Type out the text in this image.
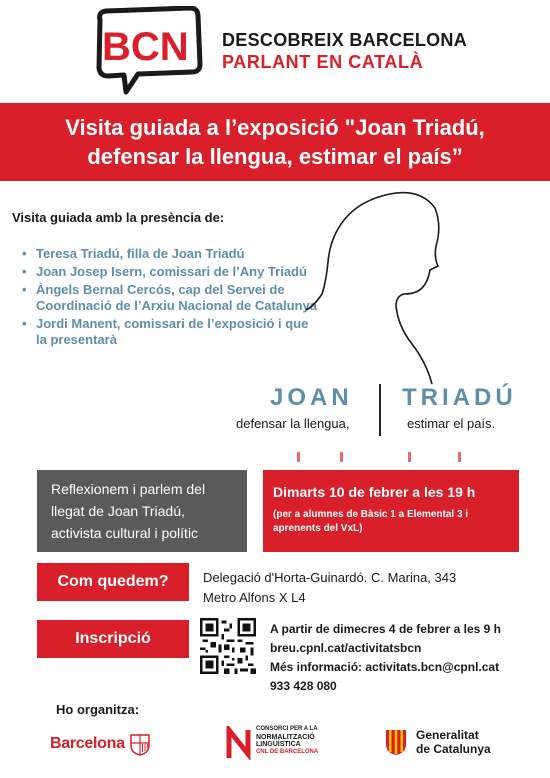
BCN DESCOBREIX BARCELONA
PARLANT EN CATALÀ
Visita guiada a l’exposició "Joan Triadú,
defensar la llengua, estimar el país”
Visita guiada amb la presència de:
• Teresa Triadú, filla de Joan Triadú
• Joan Josep Isern, comissari de l’Any Triadú
• Àngels Bernal Cercós, cap del Servei de Coordinació de l’Arxiu Nacional de Catalunya
• Jordi Manent, comissari de l’exposició i que la presentarà
JOAN TRIADÚ
defensar la llengua,	estimar el país.
Reflexionem i parlem del llegat de Joan Triadú, activista cultural i polític
Dimarts 10 de febrer a les 19 h
(per a alumnes de Bàsic 1 a Elemental 3 i aprenents del VxL)
Com quedem?	Delegació d'Horta-Guinardó. C. Marina, 343
Metro Alfons X L4
Inscripció
A partir de dimecres 4 de febrer a les 9 h
breu.cpnl.cat/activitatsbcn
Més informació: activitats.bcn@cpnl.cat
933 428 080
Ho organitza:
Barcelona
CONSORCI PER A LA
NORMALITZACIÓ
LINGÜÍSTICA
CNL DE BARCELONA
Generalitat
de Catalunya
